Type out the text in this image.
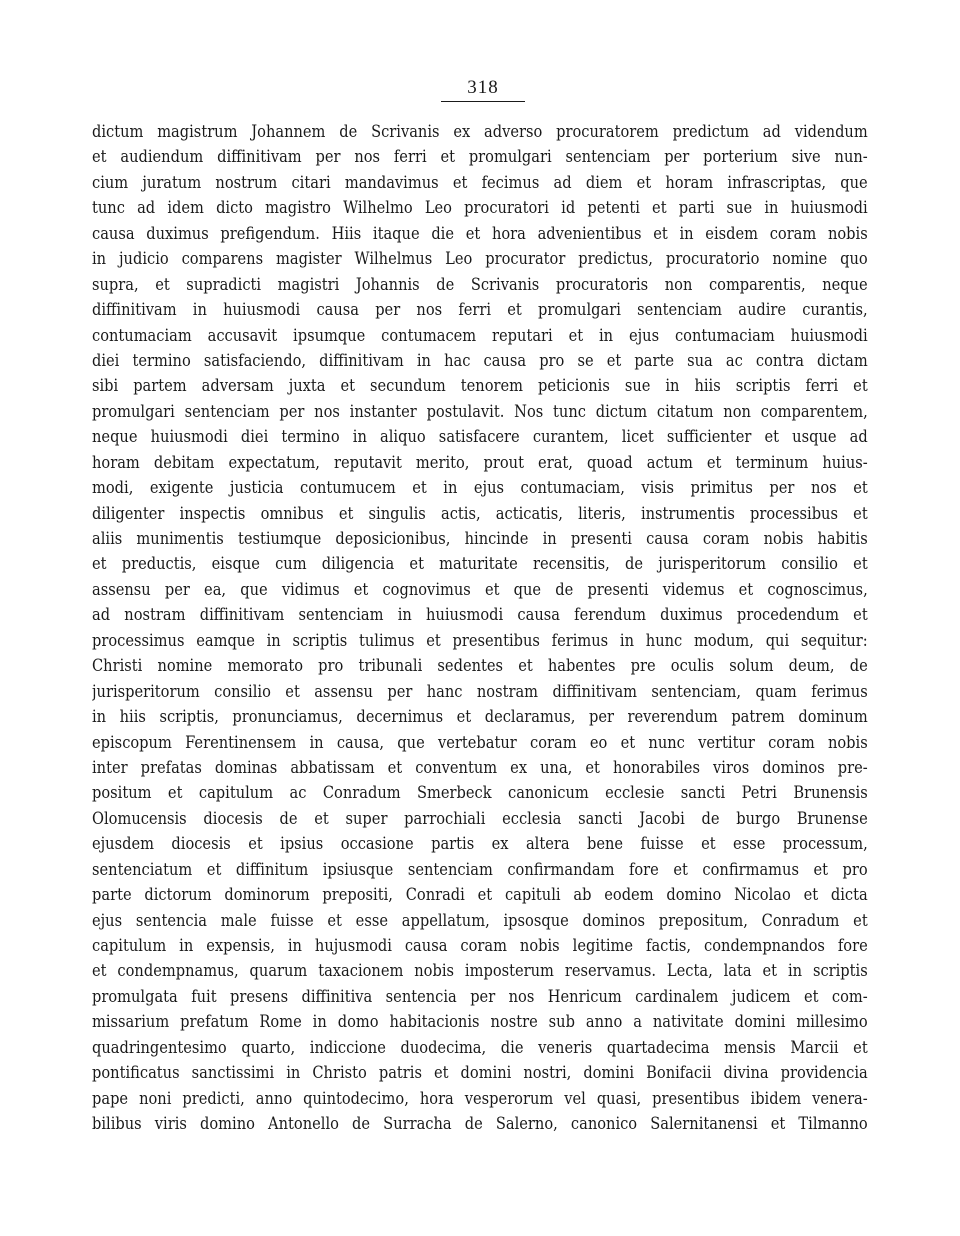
318
dictum magistrum Johannem de Scrivanis ex adverso procuratorem predictum ad videndum
et audiendum diffinitivam per nos ferri et promulgari sentenciam per porterium sive nun-
cium juratum nostrum citari mandavimus et fecimus ad diem et horam infrascriptas, que
tunc ad idem dicto magistro Wilhelmo Leo procuratori id petenti et parti sue in huiusmodi
causa duximus prefigendum. Hiis itaque die et hora advenientibus et in eisdem coram nobis
in judicio comparens magister Wilhelmus Leo procurator predictus, procuratorio nomine quo
supra, et supradicti magistri Johannis de Scrivanis procuratoris non comparentis, neque
diffinitivam in huiusmodi causa per nos ferri et promulgari sentenciam audire curantis,
contumaciam accusavit ipsumque contumacem reputari et in ejus contumaciam huiusmodi
diei termino satisfaciendo, diffinitivam in hac causa pro se et parte sua ac contra dictam
sibi partem adversam juxta et secundum tenorem peticionis sue in hiis scriptis ferri et
promulgari sentenciam per nos instanter postulavit. Nos tunc dictum citatum non comparentem,
neque huiusmodi diei termino in aliquo satisfacere curantem, licet sufficienter et usque ad
horam debitam expectatum, reputavit merito, prout erat, quoad actum et terminum huius-
modi, exigente justicia contumucem et in ejus contumaciam, visis primitus per nos et
diligenter inspectis omnibus et singulis actis, acticatis, literis, instrumentis processibus et
aliis munimentis testiumque deposicionibus, hincinde in presenti causa coram nobis habitis
et preductis, eisque cum diligencia et maturitate recensitis, de jurisperitorum consilio et
assensu per ea, que vidimus et cognovimus et que de presenti videmus et cognoscimus,
ad nostram diffinitivam sentenciam in huiusmodi causa ferendum duximus procedendum et
processimus eamque in scriptis tulimus et presentibus ferimus in hunc modum, qui sequitur:
Christi nomine memorato pro tribunali sedentes et habentes pre oculis solum deum, de
jurisperitorum consilio et assensu per hanc nostram diffinitivam sentenciam, quam ferimus
in hiis scriptis, pronunciamus, decernimus et declaramus, per reverendum patrem dominum
episcopum Ferentinensem in causa, que vertebatur coram eo et nunc vertitur coram nobis
inter prefatas dominas abbatissam et conventum ex una, et honorabiles viros dominos pre-
positum et capitulum ac Conradum Smerbeck canonicum ecclesie sancti Petri Brunensis
Olomucensis diocesis de et super parrochiali ecclesia sancti Jacobi de burgo Brunense
ejusdem diocesis et ipsius occasione partis ex altera bene fuisse et esse processum,
sentenciatum et diffinitum ipsiusque sentenciam confirmandam fore et confirmamus et pro
parte dictorum dominorum prepositi, Conradi et capituli ab eodem domino Nicolao et dicta
ejus sentencia male fuisse et esse appellatum, ipsosque dominos prepositum, Conradum et
capitulum in expensis, in hujusmodi causa coram nobis legitime factis, condempnandos fore
et condempnamus, quarum taxacionem nobis imposterum reservamus. Lecta, lata et in scriptis
promulgata fuit presens diffinitiva sentencia per nos Henricum cardinalem judicem et com-
missarium prefatum Rome in domo habitacionis nostre sub anno a nativitate domini millesimo
quadringentesimo quarto, indiccione duodecima, die veneris quartadecima mensis Marcii et
pontificatus sanctissimi in Christo patris et domini nostri, domini Bonifacii divina providencia
pape noni predicti, anno quintodecimo, hora vesperorum vel quasi, presentibus ibidem venera-
bilibus viris domino Antonello de Surracha de Salerno, canonico Salernitanensi et Tilmanno
